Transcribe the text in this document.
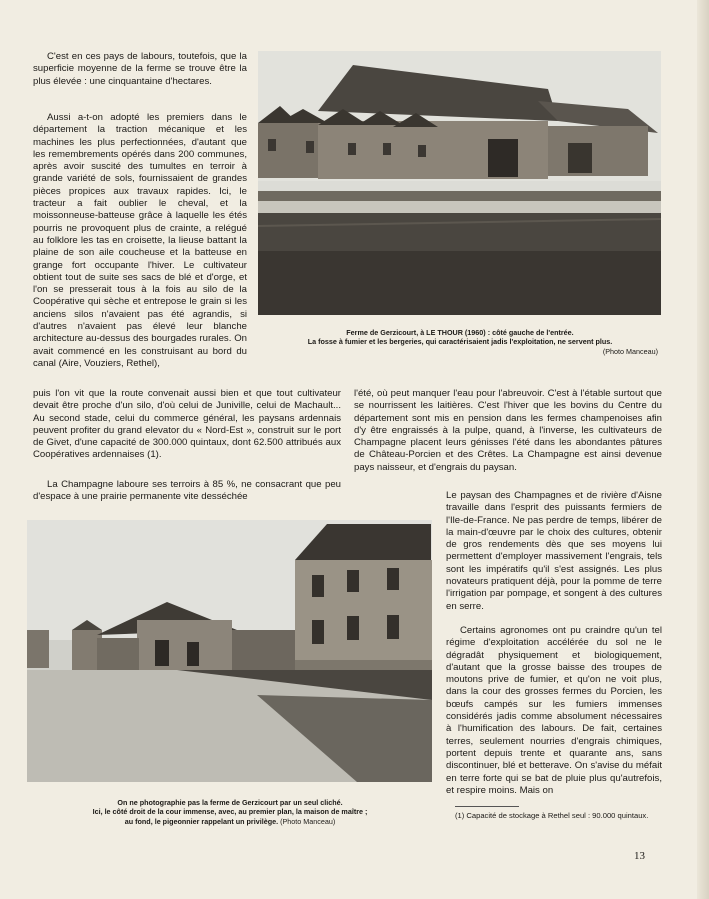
C'est en ces pays de labours, toutefois, que la superficie moyenne de la ferme se trouve être la plus élevée : une cinquantaine d'hectares.

Aussi a-t-on adopté les premiers dans le département la traction mécanique et les machines les plus perfectionnées, d'autant que les remembrements opérés dans 200 communes, après avoir suscité des tumultes en terroir à grande variété de sols, fournissaient de grandes pièces propices aux travaux rapides. Ici, le tracteur a fait oublier le cheval, et la moissonneuse-batteuse grâce à laquelle les étés pourris ne provoquent plus de crainte, a relégué au folklore les tas en croisette, la lieuse battant la plaine de son aile coucheuse et la batteuse en grange fort occupante l'hiver. Le cultivateur obtient tout de suite ses sacs de blé et d'orge, et l'on se presserait tous à la fois au silo de la Coopérative qui sèche et entrepose le grain si les anciens silos n'avaient pas été agrandis, si d'autres n'avaient pas élevé leur blanche architecture au-dessus des bourgades rurales. On avait commencé en les construisant au bord du canal (Aire, Vouziers, Rethel),

puis l'on vit que la route convenait aussi bien et que tout cultivateur devait être proche d'un silo, d'où celui de Juniville, celui de Machault... Au second stade, celui du commerce général, les paysans ardennais peuvent profiter du grand elevator du « Nord-Est », construit sur le port de Givet, d'une capacité de 300.000 quintaux, dont 62.500 attribués aux Coopératives ardennaises (1).

La Champagne laboure ses terroirs à 85 %, ne consacrant que peu d'espace à une prairie permanente vite desséchée

Ferme de Gerzicourt, à LE THOUR (1960) : côté gauche de l'entrée.
La fosse à fumier et les bergeries, qui caractérisaient jadis l'exploitation, ne servent plus.
(Photo Manceau)

l'été, où peut manquer l'eau pour l'abreuvoir. C'est à l'étable surtout que se nourrissent les laitières. C'est l'hiver que les bovins du Centre du département sont mis en pension dans les fermes champenoises afin d'y être engraissés à la pulpe, quand, à l'inverse, les cultivateurs de Champagne placent leurs génisses l'été dans les abondantes pâtures de Château-Porcien et des Crêtes. La Champagne est ainsi devenue pays naisseur, et d'engrais du paysan.

On ne photographie pas la ferme de Gerzicourt par un seul cliché.
Ici, le côté droit de la cour immense, avec, au premier plan, la maison de maître ;
au fond, le pigeonnier rappelant un privilège. (Photo Manceau)

Le paysan des Champagnes et de rivière d'Aisne travaille dans l'esprit des puissants fermiers de l'Ile-de-France. Ne pas perdre de temps, libérer de la main-d'œuvre par le choix des cultures, obtenir de gros rendements dès que ses moyens lui permettent d'employer massivement l'engrais, tels sont les impératifs qu'il s'est assignés. Les plus novateurs pratiquent déjà, pour la pomme de terre l'irrigation par pompage, et songent à des cultures en serre.

Certains agronomes ont pu craindre qu'un tel régime d'exploitation accélérée du sol ne le dégradât physiquement et biologiquement, d'autant que la grosse baisse des troupes de moutons prive de fumier, et qu'on ne voit plus, dans la cour des grosses fermes du Porcien, les bœufs campés sur les fumiers immenses considérés jadis comme absolument nécessaires à l'humification des labours. De fait, certaines terres, seulement nourries d'engrais chimiques, portent depuis trente et quarante ans, sans discontinuer, blé et betterave. On s'avise du méfait en terre forte qui se bat de pluie plus qu'autrefois, et respire moins. Mais on

(1) Capacité de stockage à Rethel seul : 90.000 quintaux.

13
